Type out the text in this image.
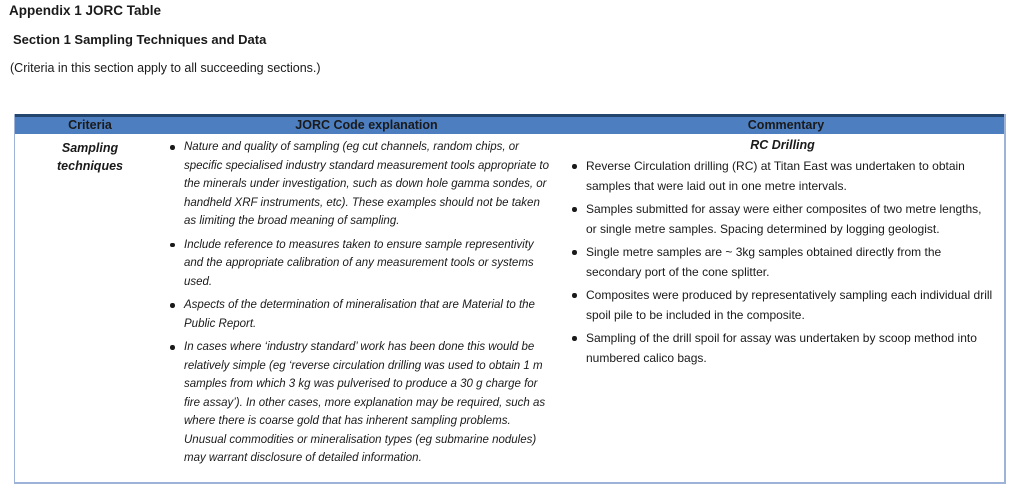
Appendix 1 JORC Table
Section 1 Sampling Techniques and Data
(Criteria in this section apply to all succeeding sections.)
Criteria	JORC Code explanation	Commentary
Sampling techniques
Nature and quality of sampling (eg cut channels, random chips, or specific specialised industry standard measurement tools appropriate to the minerals under investigation, such as down hole gamma sondes, or handheld XRF instruments, etc). These examples should not be taken as limiting the broad meaning of sampling.
Include reference to measures taken to ensure sample representivity and the appropriate calibration of any measurement tools or systems used.
Aspects of the determination of mineralisation that are Material to the Public Report.
In cases where ‘industry standard’ work has been done this would be relatively simple (eg ‘reverse circulation drilling was used to obtain 1 m samples from which 3 kg was pulverised to produce a 30 g charge for fire assay’). In other cases, more explanation may be required, such as where there is coarse gold that has inherent sampling problems. Unusual commodities or mineralisation types (eg submarine nodules) may warrant disclosure of detailed information.
RC Drilling
Reverse Circulation drilling (RC) at Titan East was undertaken to obtain samples that were laid out in one metre intervals.
Samples submitted for assay were either composites of two metre lengths, or single metre samples. Spacing determined by logging geologist.
Single metre samples are ~ 3kg samples obtained directly from the secondary port of the cone splitter.
Composites were produced by representatively sampling each individual drill spoil pile to be included in the composite.
Sampling of the drill spoil for assay was undertaken by scoop method into numbered calico bags.
